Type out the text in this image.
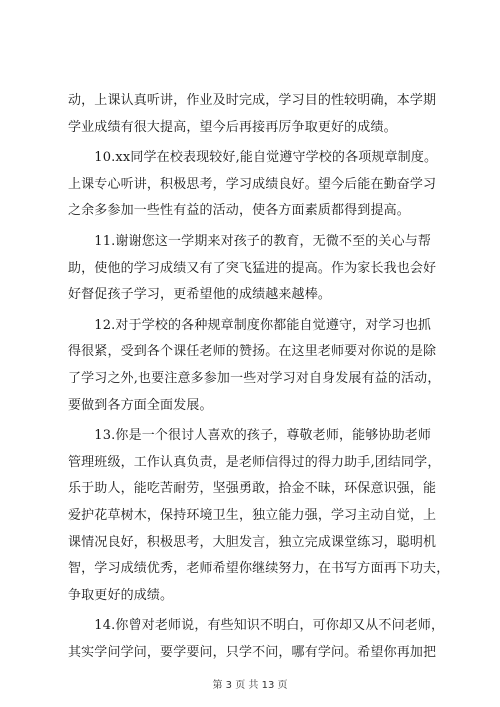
动，上课认真听讲，作业及时完成，学习目的性较明确，本学期
学业成绩有很大提高，望今后再接再厉争取更好的成绩。
　　10.xx同学在校表现较好,能自觉遵守学校的各项规章制度。
上课专心听讲，积极思考，学习成绩良好。望今后能在勤奋学习
之余多参加一些性有益的活动，使各方面素质都得到提高。
　　11.谢谢您这一学期来对孩子的教育，无微不至的关心与帮
助，使他的学习成绩又有了突飞猛进的提高。作为家长我也会好
好督促孩子学习，更希望他的成绩越来越棒。
　　12.对于学校的各种规章制度你都能自觉遵守，对学习也抓
得很紧，受到各个课任老师的赞扬。在这里老师要对你说的是除
了学习之外,也要注意多参加一些对学习对自身发展有益的活动，
要做到各方面全面发展。
　　13.你是一个很讨人喜欢的孩子，尊敬老师，能够协助老师
管理班级，工作认真负责，是老师信得过的得力助手,团结同学，
乐于助人，能吃苦耐劳，坚强勇敢，拾金不昧，环保意识强，能
爱护花草树木，保持环境卫生，独立能力强，学习主动自觉，上
课情况良好，积极思考，大胆发言，独立完成课堂练习，聪明机
智，学习成绩优秀，老师希望你继续努力，在书写方面再下功夫，
争取更好的成绩。
　　14.你曾对老师说，有些知识不明白，可你却又从不问老师，
其实学问学问，要学要问，只学不问，哪有学问。希望你再加把
第 3 页 共 13 页
